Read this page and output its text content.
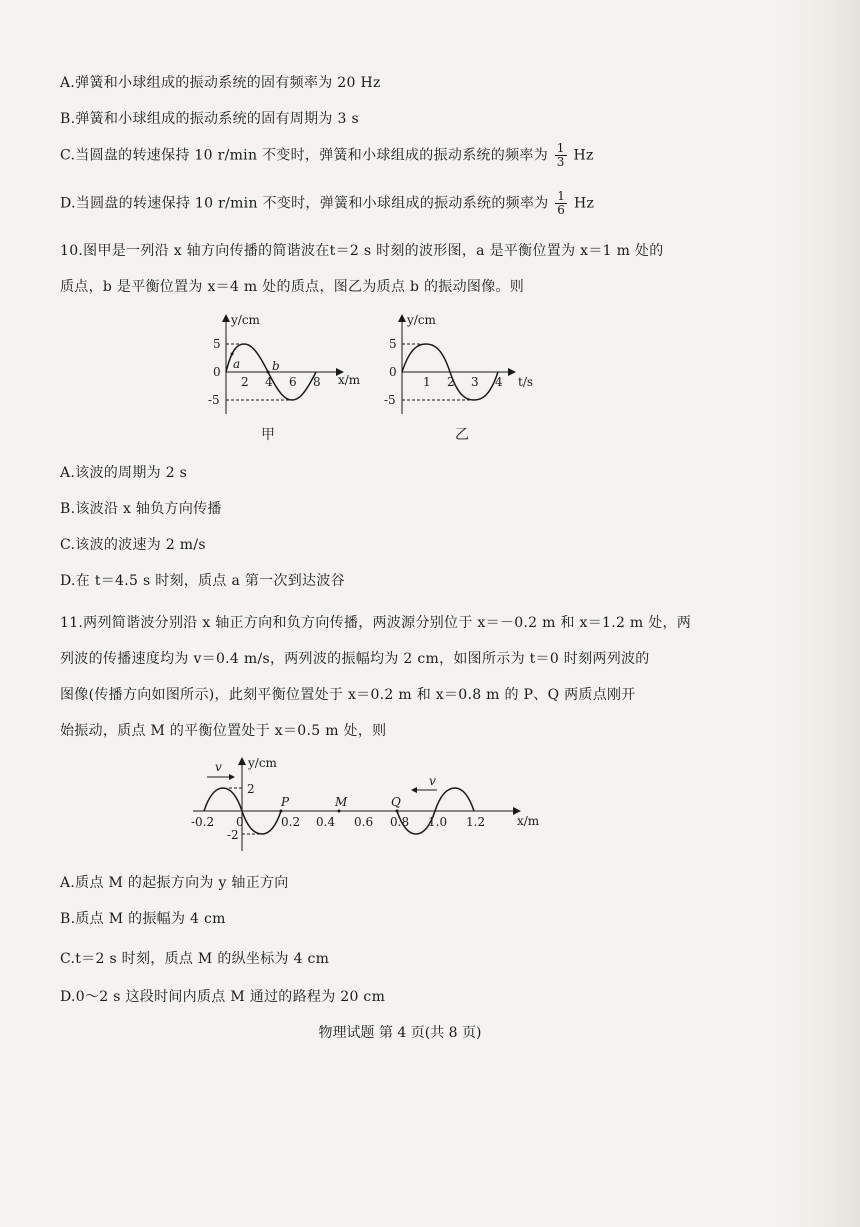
A.弹簧和小球组成的振动系统的固有频率为 20 Hz
B.弹簧和小球组成的振动系统的固有周期为 3 s
C.当圆盘的转速保持 10 r/min 不变时，弹簧和小球组成的振动系统的频率为 $\frac{1}{3}$ Hz
D.当圆盘的转速保持 10 r/min 不变时，弹簧和小球组成的振动系统的频率为 $\frac{1}{6}$ Hz
10.图甲是一列沿 x 轴方向传播的简谐波在t＝2 s 时刻的波形图，a 是平衡位置为 x＝1 m 处的
质点，b 是平衡位置为 x＝4 m 处的质点，图乙为质点 b 的振动图像。则
y/cm
x/m
0
5
-5
2 4 6 8
a	b
甲
y/cm
t/s
0
5
-5
1 2 3 4
乙
A.该波的周期为 2 s
B.该波沿 x 轴负方向传播
C.该波的波速为 2 m/s
D.在 t＝4.5 s 时刻，质点 a 第一次到达波谷
11.两列简谐波分别沿 x 轴正方向和负方向传播，两波源分别位于 x＝－0.2 m 和 x＝1.2 m 处，两
列波的传播速度均为 v＝0.4 m/s，两列波的振幅均为 2 cm，如图所示为 t＝0 时刻两列波的
图像(传播方向如图所示)，此刻平衡位置处于 x＝0.2 m 和 x＝0.8 m 的 P、Q 两质点刚开
始振动，质点 M 的平衡位置处于 x＝0.5 m 处，则
v
v
y/cm
x/m
0
2
-2
-0.2	0.2 0.4 0.6 0.8 1.0 1.2
P	M	Q
A.质点 M 的起振方向为 y 轴正方向
B.质点 M 的振幅为 4 cm
C.t＝2 s 时刻，质点 M 的纵坐标为 4 cm
D.0～2 s 这段时间内质点 M 通过的路程为 20 cm
物理试题 第 4 页(共 8 页)
